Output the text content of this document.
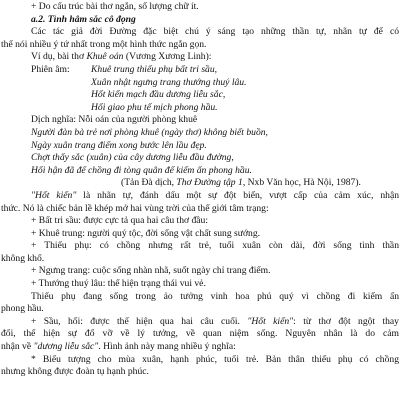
+ Do cấu trúc bài thơ ngắn, số lượng chữ ít.
a.2. Tình hâm sắc cô đọng
Các tác giả đời Đường đặc biệt chú ý sáng tạo những thần tự, nhãn tự để có
thể nói nhiều ý tứ nhất trong một hình thức ngắn gọn.
Ví dụ, bài thơ Khuê oán (Vương Xương Linh):
Phiên âm: Khuê trung thiếu phụ bất tri sầu,
Xuân nhật ngưng trang thướng thuý lâu.
Hốt kiến mạch đầu dương liễu sắc,
Hối giao phu tế mịch phong hầu.
Dịch nghĩa: Nỗi oán của người phòng khuê
Người đàn bà trẻ nơi phòng khuê (ngày thơ) không biết buồn,
Ngày xuân trang điểm xong bước lên lầu đẹp.
Chợt thấy sắc (xuân) của cây dương liễu đầu đường,
Hối hận đã để chồng đi tòng quân để kiếm ấn phong hầu.
(Tản Đà dịch, Thơ Đường tập 1, Nxb Văn học, Hà Nội, 1987).
"Hốt kiến" là nhãn tự, đánh dấu một sự đột biến, vượt cấp của cảm xúc, nhận
thức. Nó là chiếc bản lề khép mở hai vùng trời của thế giới tâm trạng:
+ Bất tri sầu: được cực tả qua hai câu thơ đầu:
+ Khuê trung: người quý tộc, đời sống vật chất sung sướng.
+ Thiếu phụ: có chồng nhưng rất trẻ, tuổi xuân còn dài, đời sống tình thần
không khổ.
+ Ngưng trang: cuộc sống nhàn nhã, suốt ngày chỉ trang điểm.
+ Thướng thuý lâu: thể hiện trạng thái vui vẻ.
Thiếu phụ đang sống trong ảo tưởng vinh hoa phú quý vì chồng đi kiếm ấn
phong hầu.
+ Sầu, hối: được thể hiện qua hai câu cuối. "Hốt kiến": từ thơ đột ngột thay
đổi, thể hiện sự đổ vỡ về lý tưởng, về quan niệm sống. Nguyên nhân là do cảm
nhận về "dương liễu sắc". Hình ảnh này mang nhiều ý nghĩa:
* Biểu tượng cho mùa xuân, hạnh phúc, tuổi trẻ. Bản thân thiếu phụ có chồng
nhưng không được đoàn tụ hạnh phúc.
